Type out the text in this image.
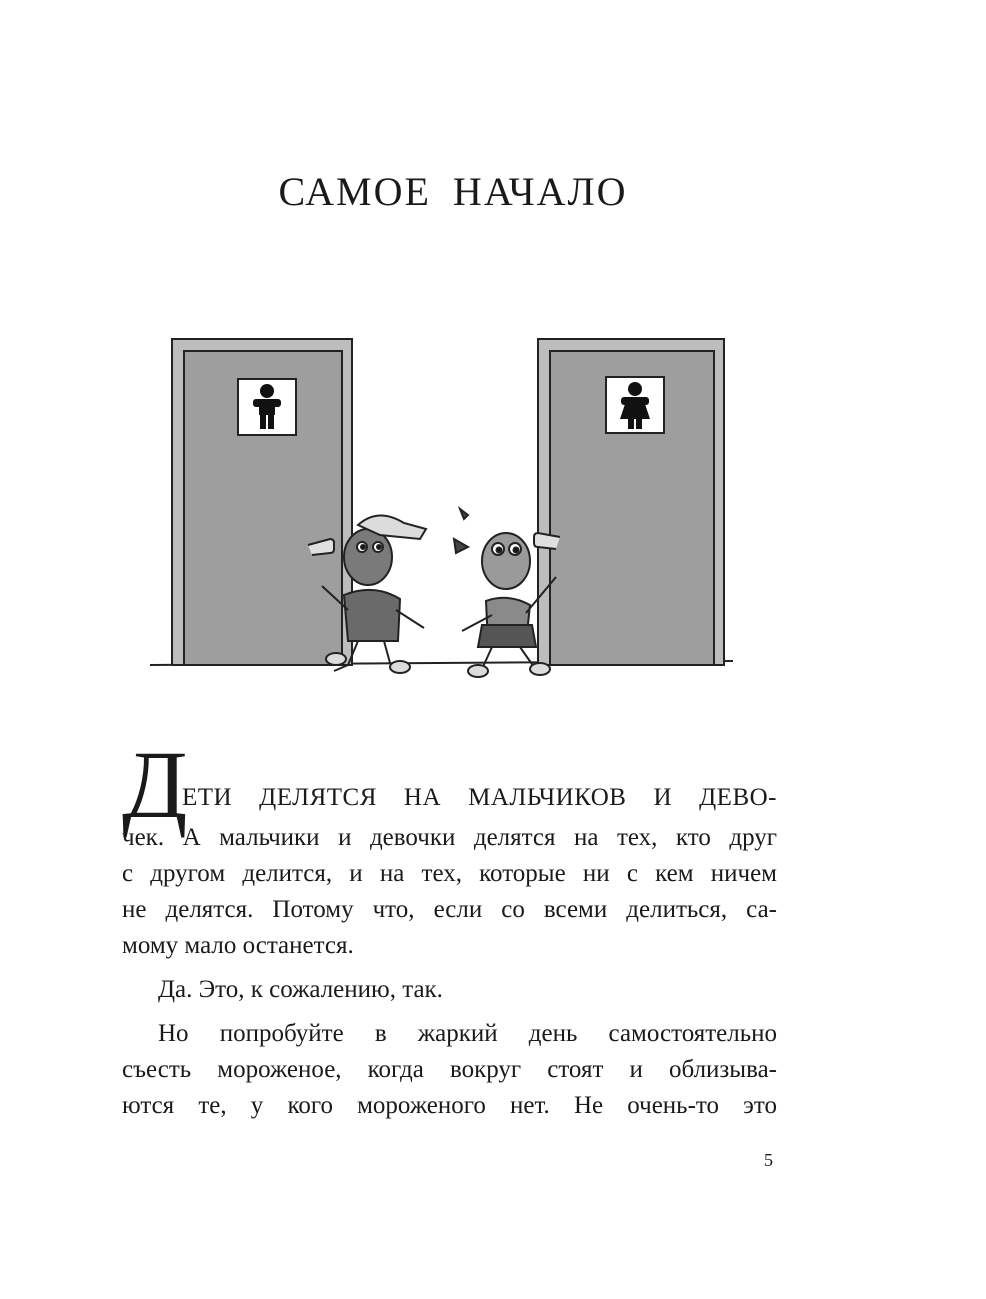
САМОЕ НАЧАЛО
Д
ЕТИ ДЕЛЯТСЯ НА МАЛЬЧИКОВ И ДЕВО-

чек. А мальчики и девочки делятся на тех, кто друг
с другом делится, и на тех, которые ни с кем ничем
не делятся. Потому что, если со всеми делиться, са-
мому мало останется.

Да. Это, к сожалению, так.

Но попробуйте в жаркий день самостоятельно
съесть мороженое, когда вокруг стоят и облизыва-
ются те, у кого мороженого нет. Не очень-то это

5
